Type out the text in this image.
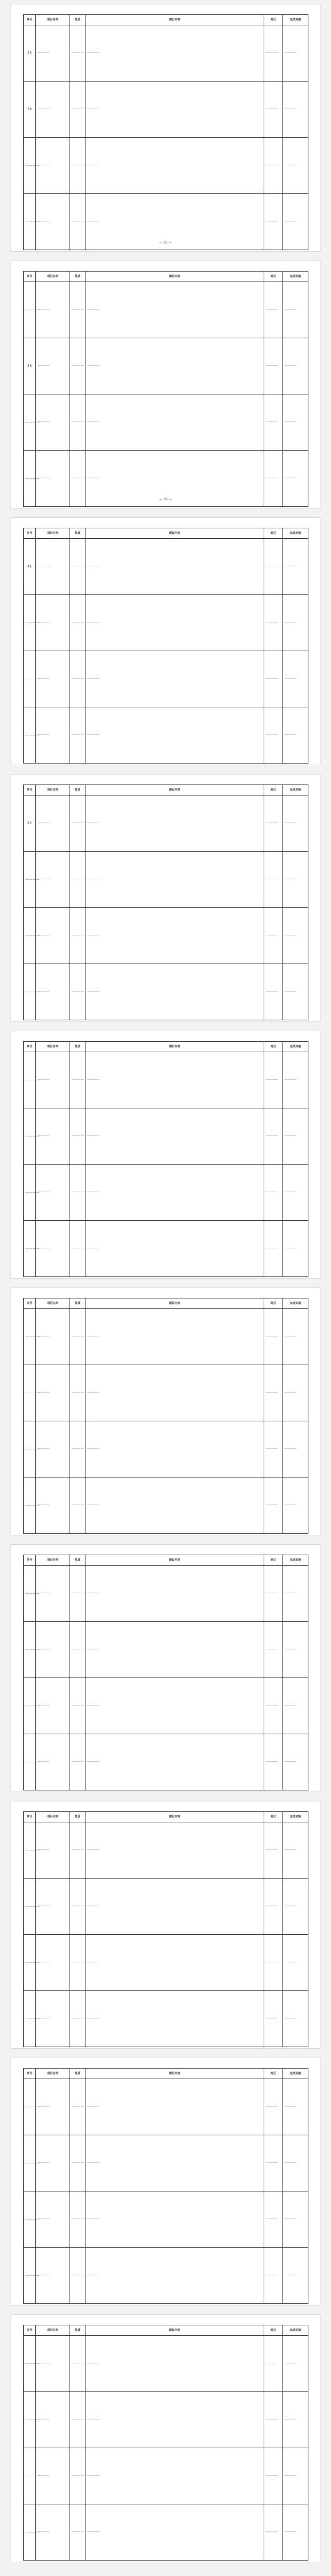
序号	项目名称	性质	建设内容	地区	完成实施
33	————	————	————	————	————
34	————	————	————	————	————
————	————	————	————	————	————
————	————	————	————	————	————
— 15 —
序号	项目名称	性质	建设内容	地区	完成实施
————	————	————	————	————	————
38	————	————	————	————	————
————	————	————	————	————	————
————	————	————	————	————	————
— 16 —
序号	项目名称	性质	建设内容	地区	完成实施
41	————	————	————	————	————
————	————	————	————	————	————
————	————	————	————	————	————
————	————	————	————	————	————
序号	项目名称	性质	建设内容	地区	完成实施
45	————	————	————	————	————
————	————	————	————	————	————
————	————	————	————	————	————
————	————	————	————	————	————
序号	项目名称	性质	建设内容	地区	完成实施
————	————	————	————	————	————
————	————	————	————	————	————
————	————	————	————	————	————
————	————	————	————	————	————
序号	项目名称	性质	建设内容	地区	完成实施
————	————	————	————	————	————
————	————	————	————	————	————
————	————	————	————	————	————
————	————	————	————	————	————
序号	项目名称	性质	建设内容	地区	完成实施
————	————	————	————	————	————
————	————	————	————	————	————
————	————	————	————	————	————
————	————	————	————	————	————
序号	项目名称	性质	建设内容	地区	完成实施
————	————	————	————	————	————
————	————	————	————	————	————
————	————	————	————	————	————
————	————	————	————	————	————
序号	项目名称	性质	建设内容	地区	完成实施
————	————	————	————	————	————
————	————	————	————	————	————
————	————	————	————	————	————
————	————	————	————	————	————
序号	项目名称	性质	建设内容	地区	完成实施
————	————	————	————	————	————
————	————	————	————	————	————
————	————	————	————	————	————
————	————	————	————	————	————
